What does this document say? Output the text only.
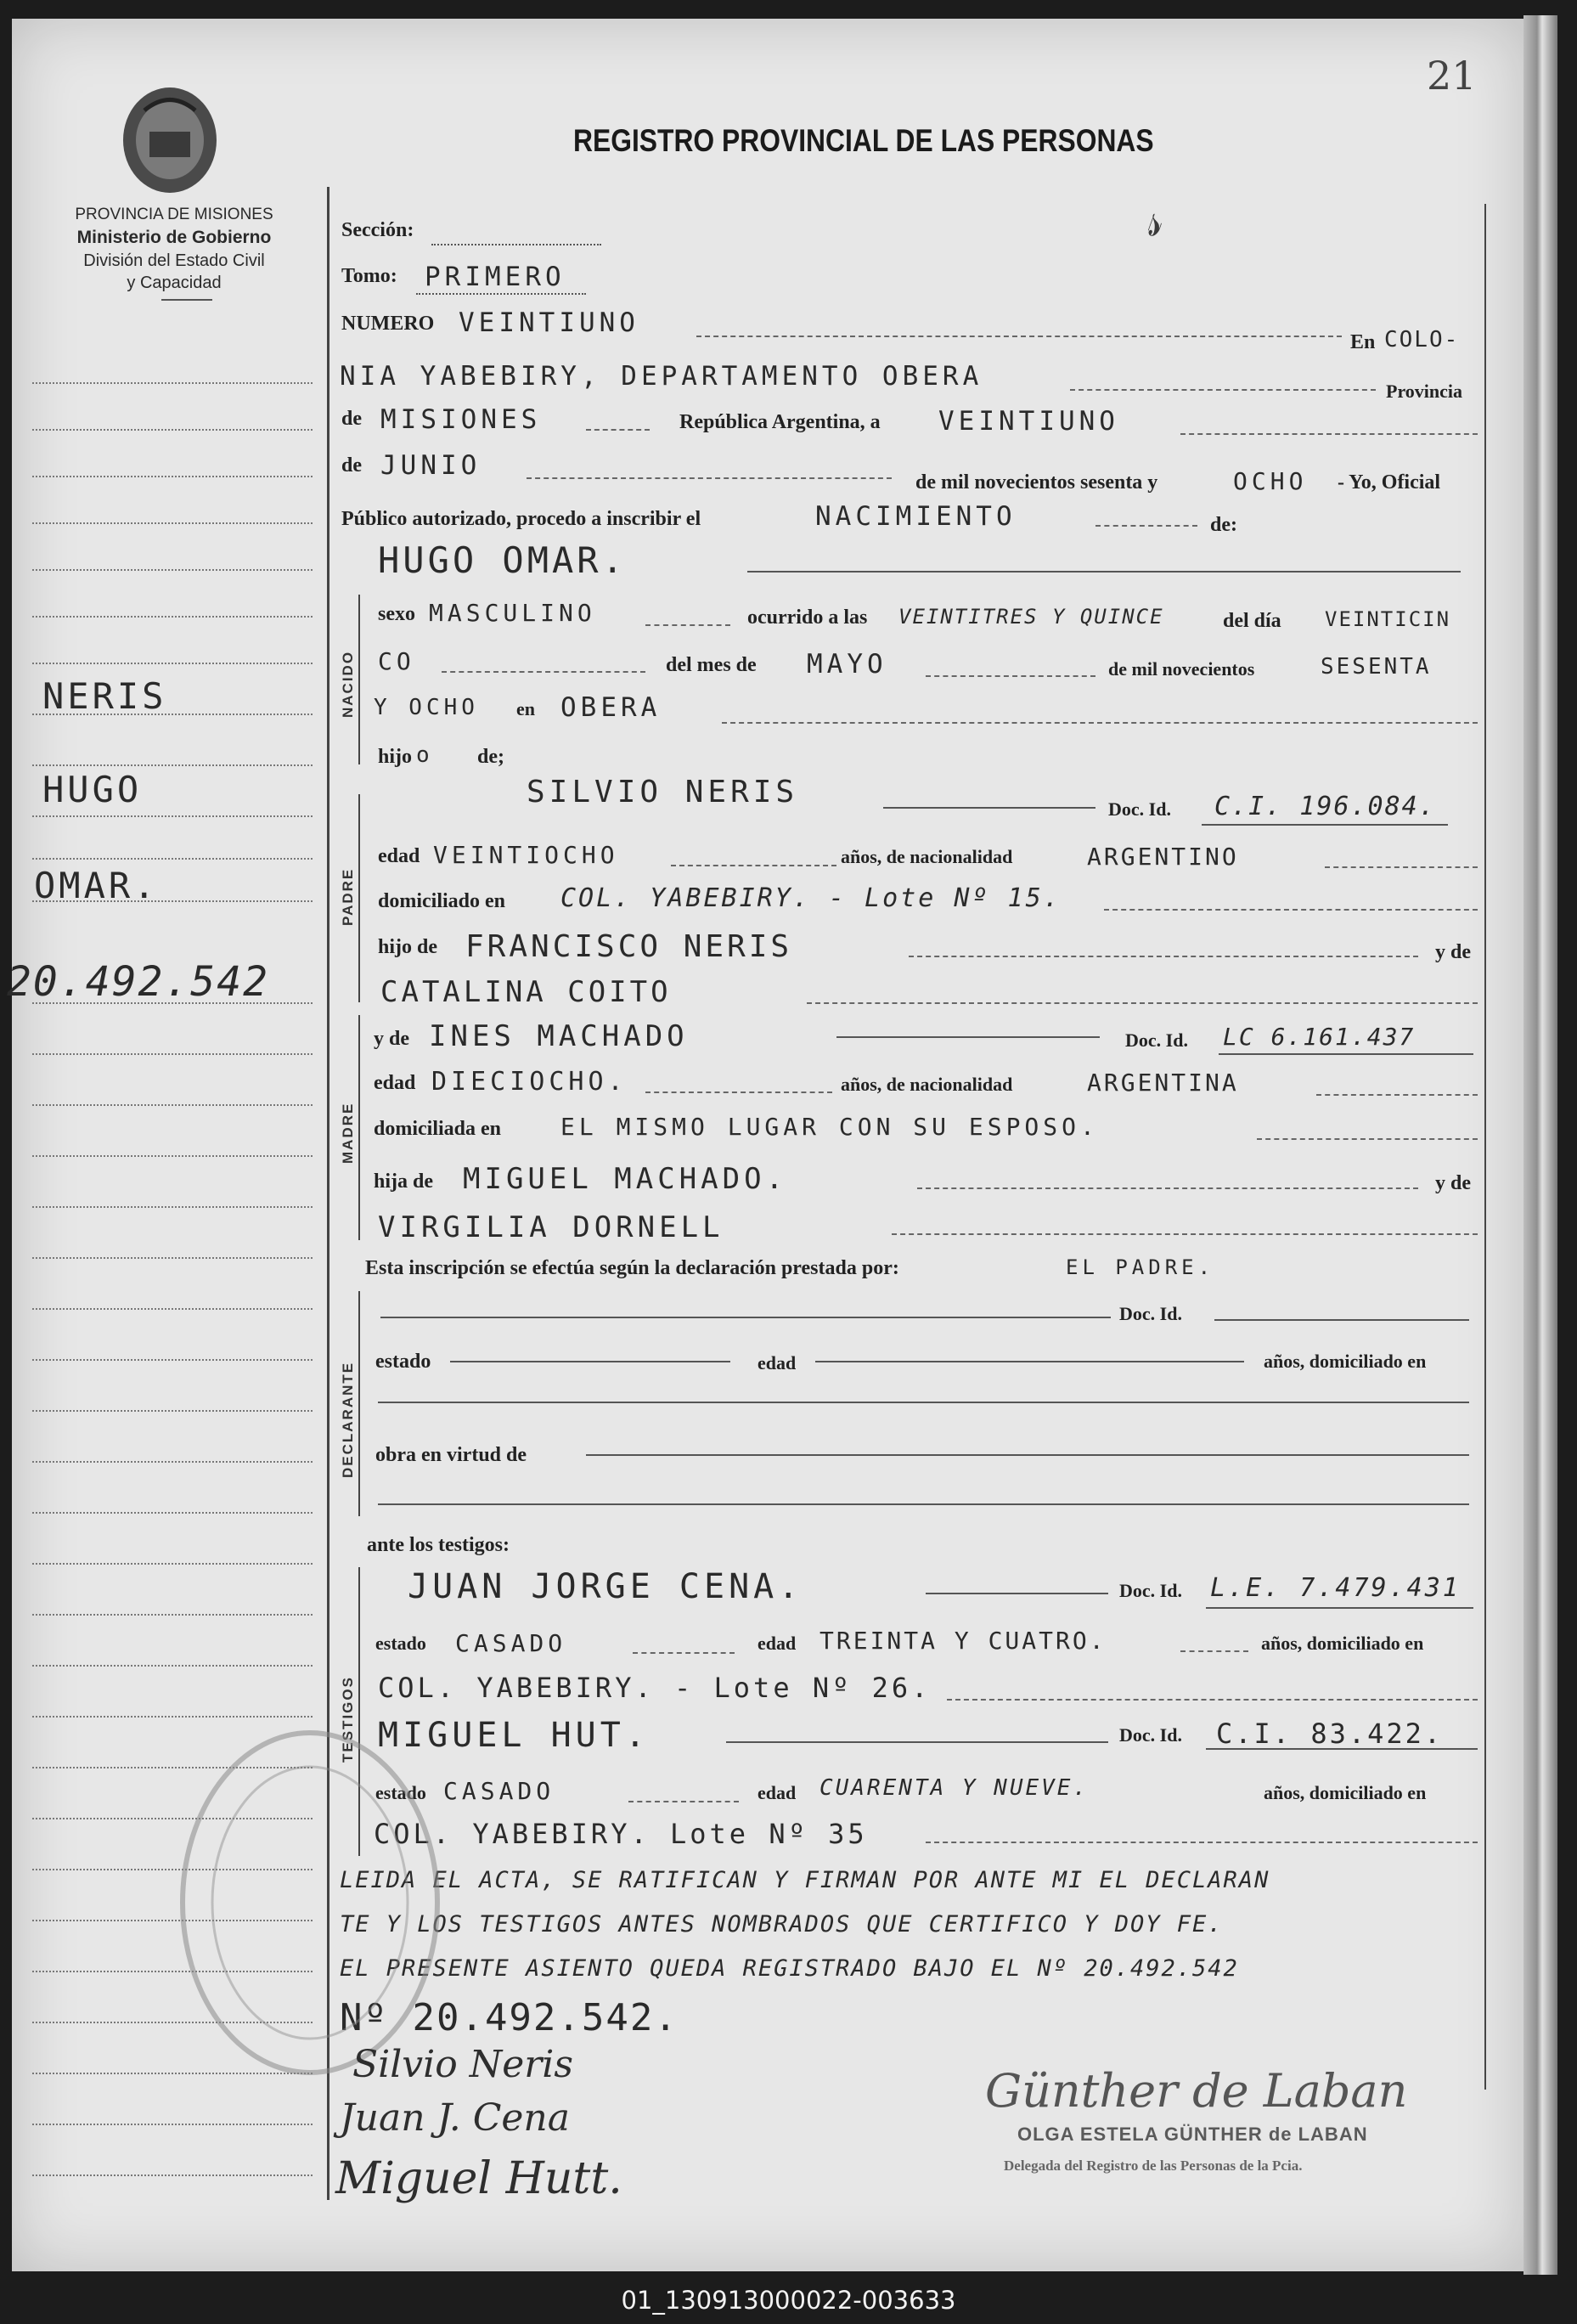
PROVINCIA DE MISIONES
Ministerio de Gobierno
División del Estado Civil
y Capacidad
21
REGISTRO PROVINCIAL DE LAS PERSONAS
NERIS
HUGO
OMAR.
20.492.542
Sección:
Tomo: PRIMERO
NUMERO VEINTIUNO
En COLO-
NIA YABEBIRY, DEPARTAMENTO OBERA	Provincia
de MISIONES	República Argentina, a VEINTIUNO
de JUNIO
de mil novecientos sesenta y	OCHO - Yo, Oficial
Público autorizado, procedo a inscribir el	NACIMIENTO	de:
HUGO OMAR.
NACIDO
sexo MASCULINO	ocurrido a las VEINTITRES Y QUINCE	del día VEINTICIN
CO	del mes de MAYO	de mil novecientos	SESENTA
Y OCHO en OBERA
hijo o de;
PADRE
SILVIO NERIS	Doc. Id. C.I. 196.084.
edad VEINTIOCHO	años, de nacionalidad	ARGENTINO
domiciliado en COL. YABEBIRY. - Lote Nº 15.
hijo de FRANCISCO NERIS	y de
CATALINA COITO
MADRE
y de INES MACHADO	Doc. Id. LC 6.161.437
edad DIECIOCHO.	años, de nacionalidad	ARGENTINA
domiciliada en EL MISMO LUGAR CON SU ESPOSO.
hija de MIGUEL MACHADO.	y de
VIRGILIA DORNELL
Esta inscripción se efectúa según la declaración prestada por:	EL PADRE.
DECLARANTE
Doc. Id.
estado	edad	años, domiciliado en
obra en virtud de
ante los testigos:
TESTIGOS
JUAN JORGE CENA.	Doc. Id. L.E. 7.479.431
estado CASADO	edad TREINTA Y CUATRO.	años, domiciliado en
COL. YABEBIRY. - Lote Nº 26.
MIGUEL HUT.	Doc. Id. C.I. 83.422.
estado CASADO	edad CUARENTA Y NUEVE.	años, domiciliado en
COL. YABEBIRY. Lote Nº 35
LEIDA EL ACTA, SE RATIFICAN Y FIRMAN POR ANTE MI EL DECLARAN
TE Y LOS TESTIGOS ANTES NOMBRADOS QUE CERTIFICO Y DOY FE.
EL PRESENTE ASIENTO QUEDA REGISTRADO BAJO EL Nº 20.492.542
Nº 20.492.542.
Silvio Neris
Juan J. Cena
Miguel Hutt.
Günther de Laban
OLGA ESTELA GÜNTHER de LABAN
Delegada del Registro de las Personas de la Pcia.
𝓈
01_130913000022-003633
